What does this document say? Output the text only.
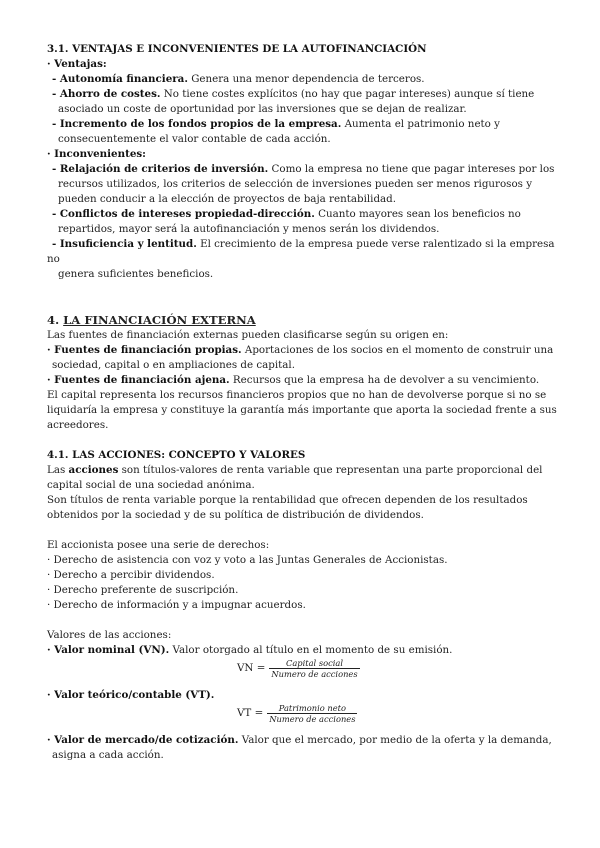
3.1. VENTAJAS E INCONVENIENTES DE LA AUTOFINANCIACIÓN
· Ventajas:
- Autonomía financiera. Genera una menor dependencia de terceros.
- Ahorro de costes. No tiene costes explícitos (no hay que pagar intereses) aunque sí tiene
asociado un coste de oportunidad por las inversiones que se dejan de realizar.
- Incremento de los fondos propios de la empresa. Aumenta el patrimonio neto y
consecuentemente el valor contable de cada acción.
· Inconvenientes:
- Relajación de criterios de inversión. Como la empresa no tiene que pagar intereses por los
recursos utilizados, los criterios de selección de inversiones pueden ser menos rigurosos y
pueden conducir a la elección de proyectos de baja rentabilidad.
- Conflictos de intereses propiedad-dirección. Cuanto mayores sean los beneficios no
repartidos, mayor será la autofinanciación y menos serán los dividendos.
- Insuficiencia y lentitud. El crecimiento de la empresa puede verse ralentizado si la empresa
no
genera suficientes beneficios.
4. LA FINANCIACIÓN EXTERNA
Las fuentes de financiación externas pueden clasificarse según su origen en:
· Fuentes de financiación propias. Aportaciones de los socios en el momento de construir una
sociedad, capital o en ampliaciones de capital.
· Fuentes de financiación ajena. Recursos que la empresa ha de devolver a su vencimiento.
El capital representa los recursos financieros propios que no han de devolverse porque si no se
liquidaría la empresa y constituye la garantía más importante que aporta la sociedad frente a sus
acreedores.
4.1. LAS ACCIONES: CONCEPTO Y VALORES
Las acciones son títulos-valores de renta variable que representan una parte proporcional del
capital social de una sociedad anónima.
Son títulos de renta variable porque la rentabilidad que ofrecen dependen de los resultados
obtenidos por la sociedad y de su política de distribución de dividendos.
El accionista posee una serie de derechos:
· Derecho de asistencia con voz y voto a las Juntas Generales de Accionistas.
· Derecho a percibir dividendos.
· Derecho preferente de suscripción.
· Derecho de información y a impugnar acuerdos.
Valores de las acciones:
· Valor nominal (VN). Valor otorgado al título en el momento de su emisión.
VN = $\frac{\text{Capital social}}{\text{Numero de acciones}}$
· Valor teórico/contable (VT).
VT = $\frac{\text{Patrimonio neto}}{\text{Numero de acciones}}$
· Valor de mercado/de cotización. Valor que el mercado, por medio de la oferta y la demanda,
asigna a cada acción.
